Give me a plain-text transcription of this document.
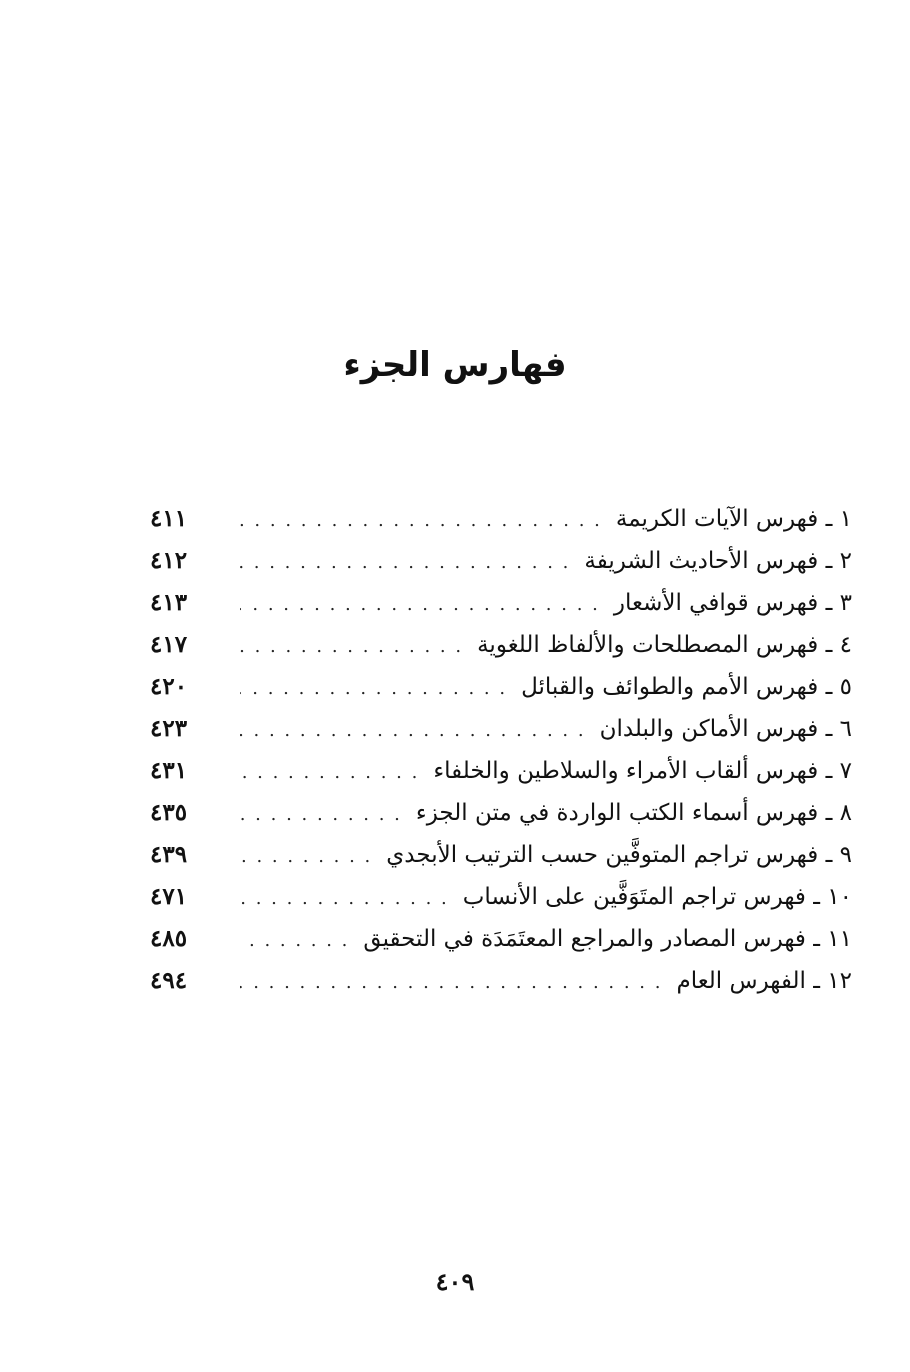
فهارس الجزء
١ ـ فهرس الآيات الكريمة
. . .
٤١١
٢ ـ فهرس الأحاديث الشريفة
. . .
٤١٢
٣ ـ فهرس قوافي الأشعار
. . .
٤١٣
٤ ـ فهرس المصطلحات والألفاظ اللغوية
. . .
٤١٧
٥ ـ فهرس الأمم والطوائف والقبائل
. . .
٤٢٠
٦ ـ فهرس الأماكن والبلدان
. . .
٤٢٣
٧ ـ فهرس ألقاب الأمراء والسلاطين والخلفاء
. . .
٤٣١
٨ ـ فهرس أسماء الكتب الواردة في متن الجزء
. . .
٤٣٥
٩ ـ فهرس تراجم المتوفَّين حسب الترتيب الأبجدي
. . .
٤٣٩
١٠ ـ فهرس تراجم المتَوَفَّين على الأنساب
. . .
٤٧١
١١ ـ فهرس المصادر والمراجع المعتَمَدَة في التحقيق
. . .
٤٨٥
١٢ ـ الفهرس العام
. . .
٤٩٤
٤٠٩
